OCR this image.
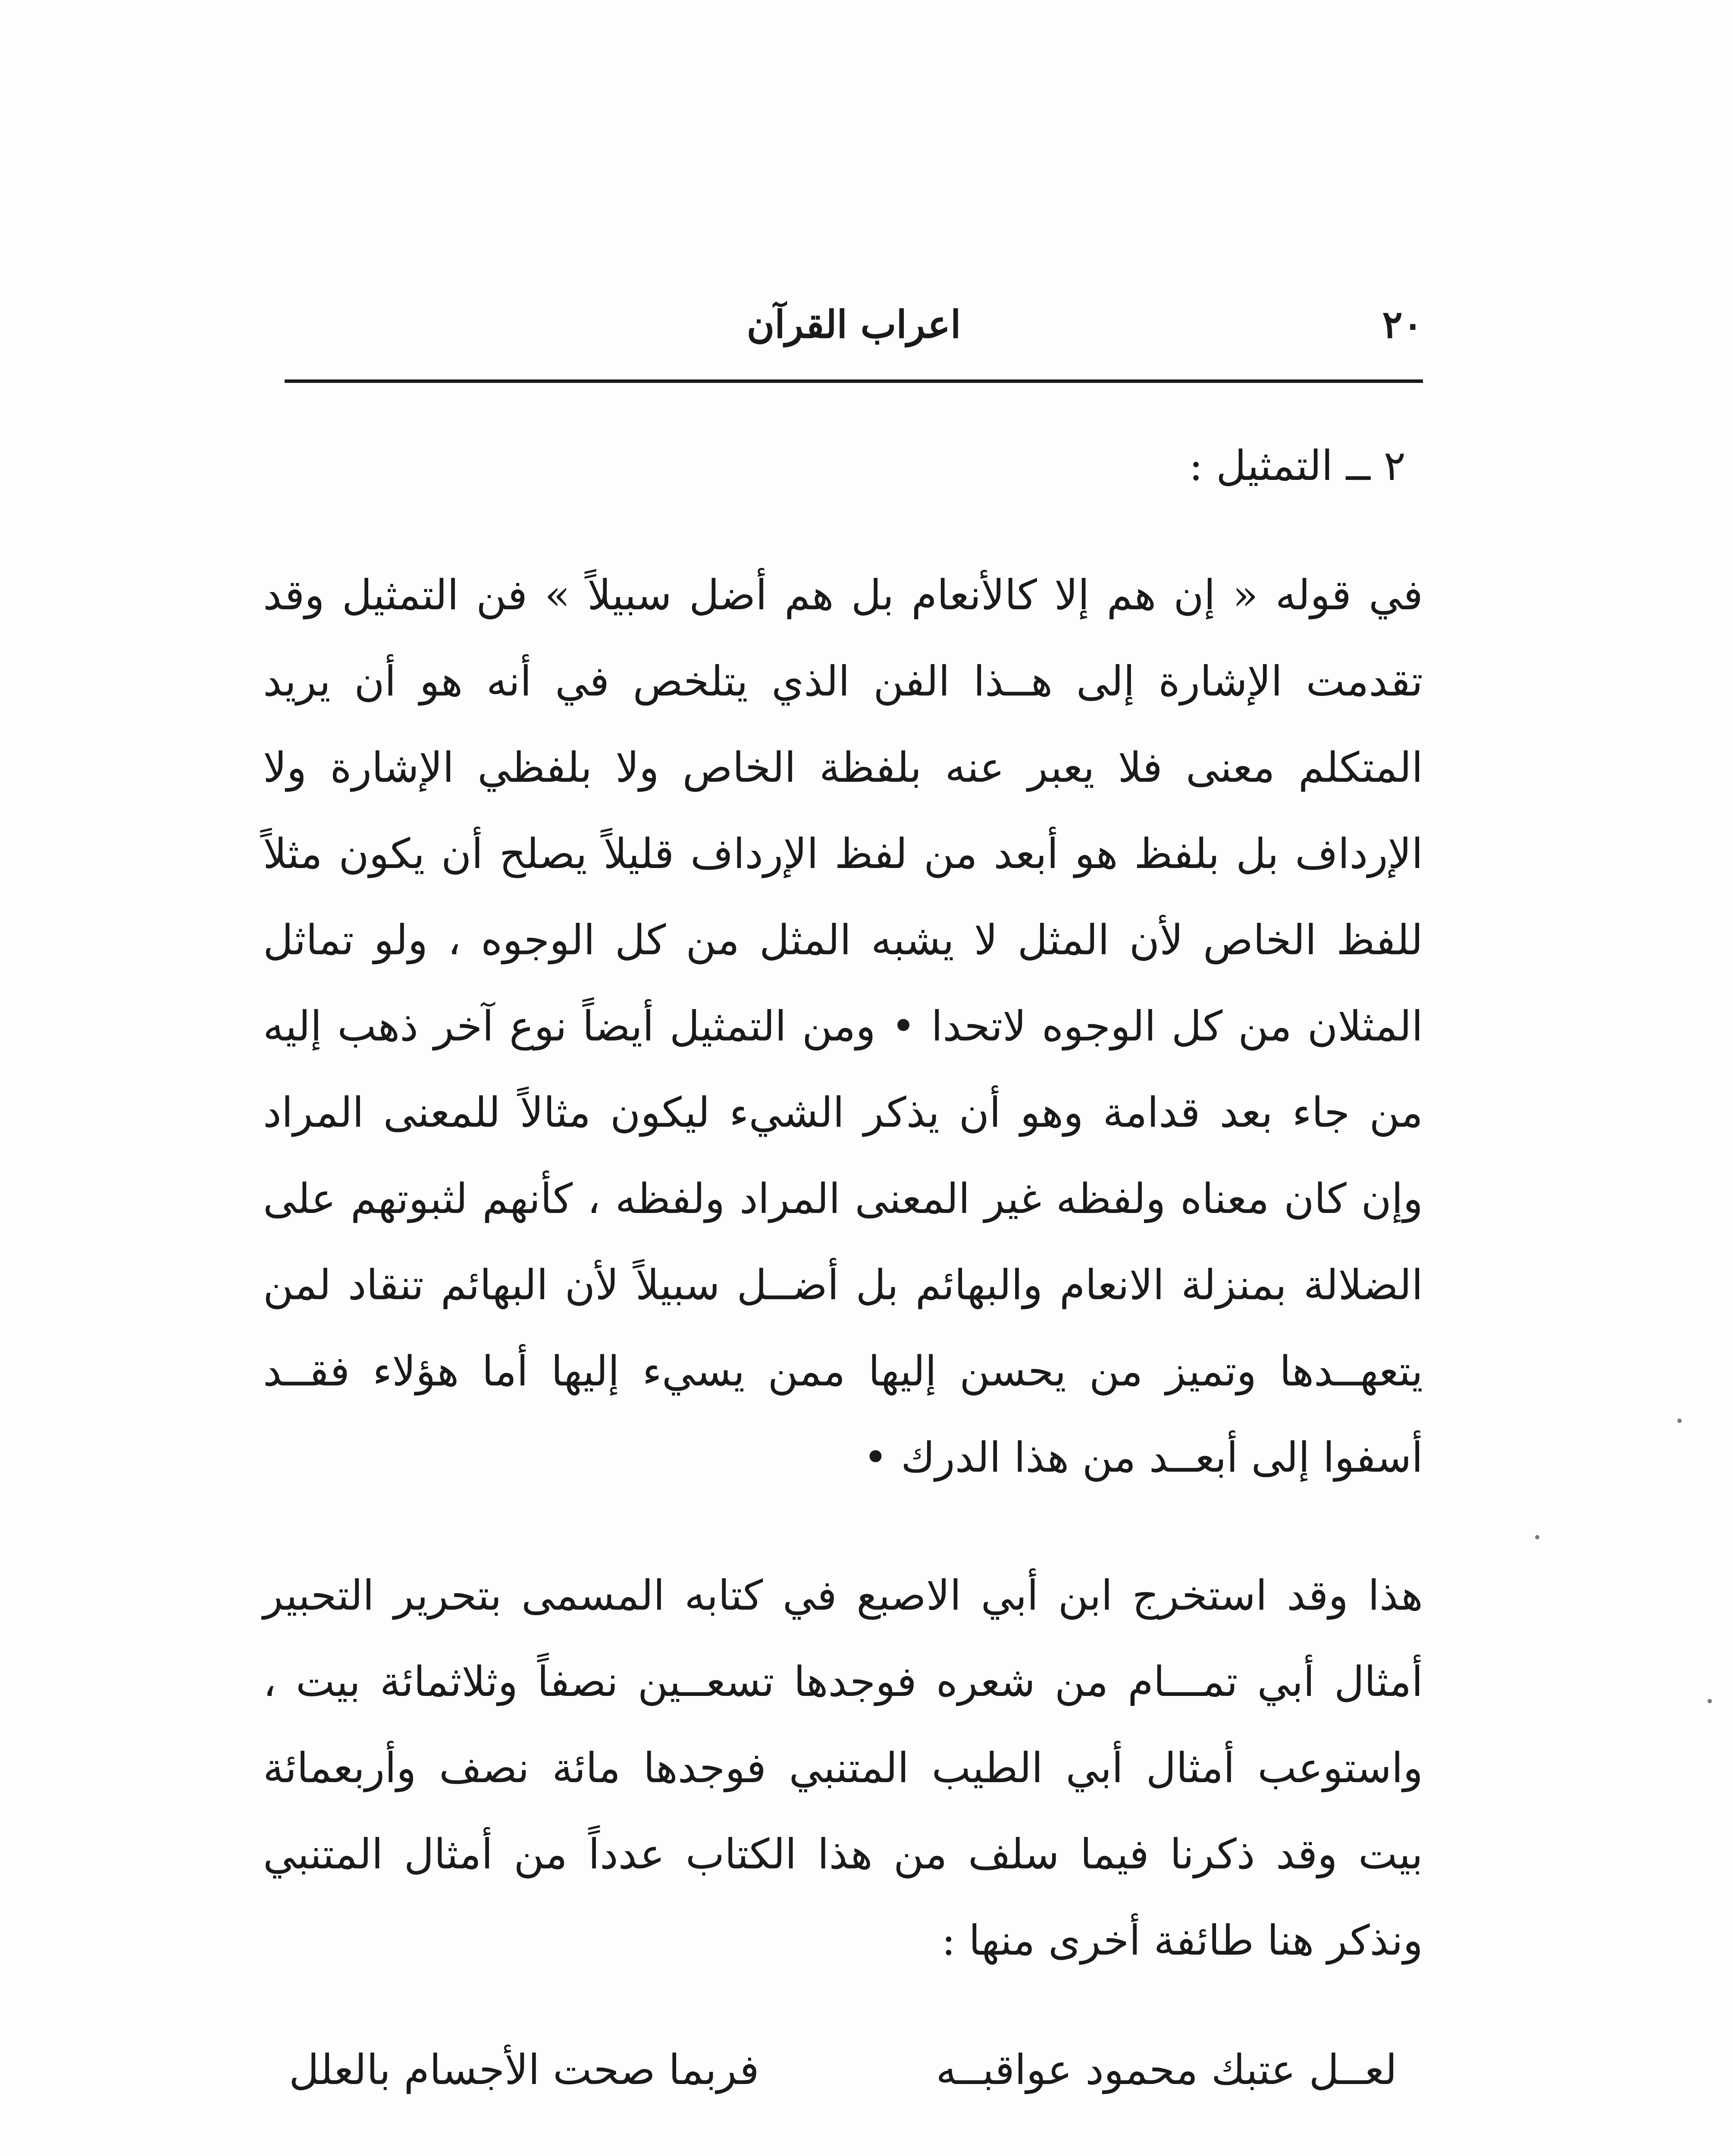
٢٠
اعراب القرآن
٢ ــ التمثيل :

في قوله « إن هم إلا كالأنعام بل هم أضل سبيلاً » فن التمثيل وقد تقدمت الإشارة إلى هــذا الفن الذي يتلخص في أنه هو أن يريد المتكلم معنى فلا يعبر عنه بلفظة الخاص ولا بلفظي الإشارة ولا الإرداف بل بلفظ هو أبعد من لفظ الإرداف قليلاً يصلح أن يكون مثلاً للفظ الخاص لأن المثل لا يشبه المثل من كل الوجوه ، ولو تماثل المثلان من كل الوجوه لاتحدا • ومن التمثيل أيضاً نوع آخر ذهب إليه من جاء بعد قدامة وهو أن يذكر الشيء ليكون مثالاً للمعنى المراد وإن كان معناه ولفظه غير المعنى المراد ولفظه ، كأنهم لثبوتهم على الضلالة بمنزلة الانعام والبهائم بل أضــل سبيلاً لأن البهائم تنقاد لمن يتعهــدها وتميز من يحسن إليها ممن يسيء إليها أما هؤلاء فقــد أسفوا إلى أبعــد من هذا الدرك •

هذا وقد استخرج ابن أبي الاصبع في كتابه المسمى بتحرير التحبير أمثال أبي تمـــام من شعره فوجدها تسعــين نصفاً وثلاثمائة بيت ، واستوعب أمثال أبي الطيب المتنبي فوجدها مائة نصف وأربعمائة بيت وقد ذكرنا فيما سلف من هذا الكتاب عدداً من أمثال المتنبي ونذكر هنا طائفة أخرى منها :

لعــل عتبك محمود عواقبــه
فربما صحت الأجسام بالعلل
